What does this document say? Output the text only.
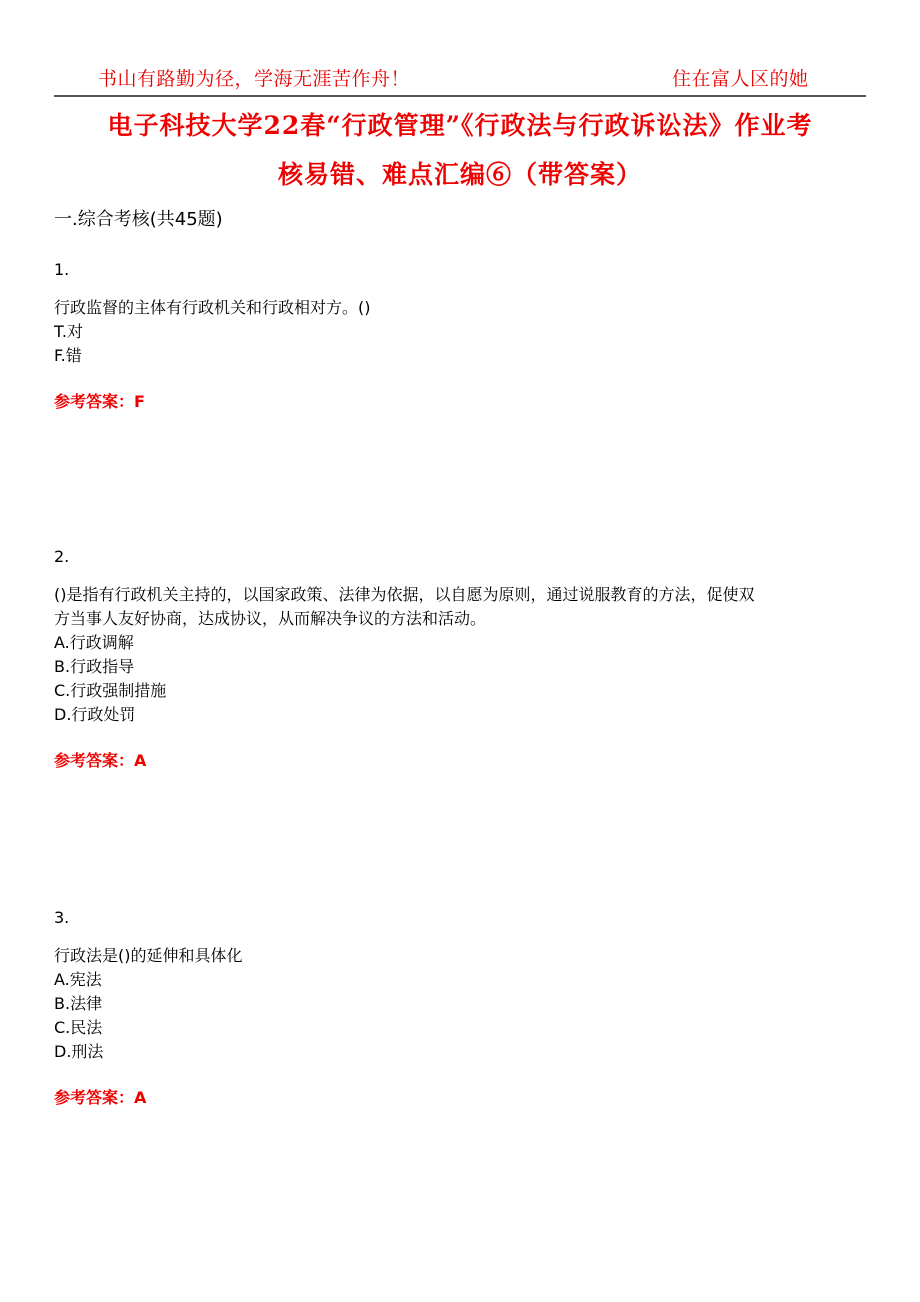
书山有路勤为径，学海无涯苦作舟！	住在富人区的她
电子科技大学22春“行政管理”《行政法与行政诉讼法》作业考
核易错、难点汇编⑥（带答案）
一.综合考核(共45题)
1.
行政监督的主体有行政机关和行政相对方。()
T.对
F.错
参考答案：F
2.
()是指有行政机关主持的，以国家政策、法律为依据，以自愿为原则，通过说服教育的方法，促使双
方当事人友好协商，达成协议，从而解决争议的方法和活动。
A.行政调解
B.行政指导
C.行政强制措施
D.行政处罚
参考答案：A
3.
行政法是()的延伸和具体化
A.宪法
B.法律
C.民法
D.刑法
参考答案：A
